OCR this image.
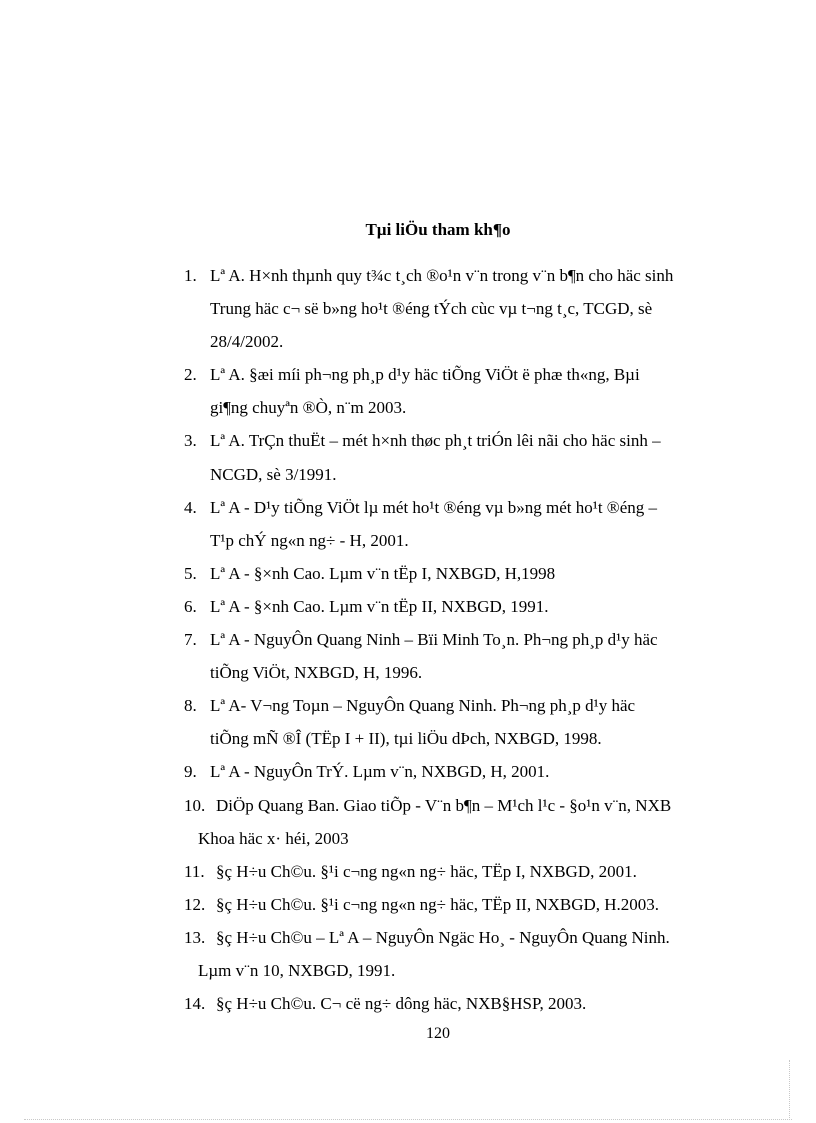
Tµi liÖu tham kh¶o
1. Lª A. H×nh thµnh quy t¾c t¸ch ®o¹n v¨n trong v¨n b¶n cho häc sinh
Trung häc c¬ së b»ng ho¹t ®éng tÝch cùc vµ t¬ng t¸c, TCGD, sè
28/4/2002.
2. Lª A. §æi míi ph¬ng ph¸p d¹y häc tiÕng ViÖt ë phæ th«ng, Bµi
gi¶ng chuyªn ®Ò, n¨m 2003.
3. Lª A. TrÇn thuËt – mét h×nh thøc ph¸t triÓn lêi nãi cho häc sinh –
NCGD, sè 3/1991.
4. Lª A - D¹y tiÕng ViÖt lµ mét ho¹t ®éng vµ b»ng mét ho¹t ®éng –
T¹p chÝ ng«n ng÷ - H, 2001.
5. Lª A - §×nh Cao. Lµm v¨n tËp I, NXBGD, H,1998
6. Lª A - §×nh Cao. Lµm v¨n tËp II, NXBGD, 1991.
7. Lª A - NguyÔn Quang Ninh – Bïi Minh To¸n. Ph¬ng ph¸p d¹y häc
tiÕng ViÖt, NXBGD, H, 1996.
8. Lª A- V¬ng Toµn – NguyÔn Quang Ninh. Ph¬ng ph¸p d¹y häc
tiÕng mÑ ®Î (TËp I + II), tµi liÖu dÞch, NXBGD, 1998.
9. Lª A - NguyÔn TrÝ. Lµm v¨n, NXBGD, H, 2001.
10. DiÖp Quang Ban. Giao tiÕp - V¨n b¶n – M¹ch l¹c - §o¹n v¨n, NXB
Khoa häc x· héi, 2003
11. §ç H÷u Ch©u. §¹i c¬ng ng«n ng÷ häc, TËp I, NXBGD, 2001.
12. §ç H÷u Ch©u. §¹i c¬ng ng«n ng÷ häc, TËp II, NXBGD, H.2003.
13. §ç H÷u Ch©u – Lª A – NguyÔn Ngäc Ho¸ - NguyÔn Quang Ninh.
Lµm v¨n 10, NXBGD, 1991.
14. §ç H÷u Ch©u. C¬ cë ng÷ dông häc, NXB§HSP, 2003.
120
